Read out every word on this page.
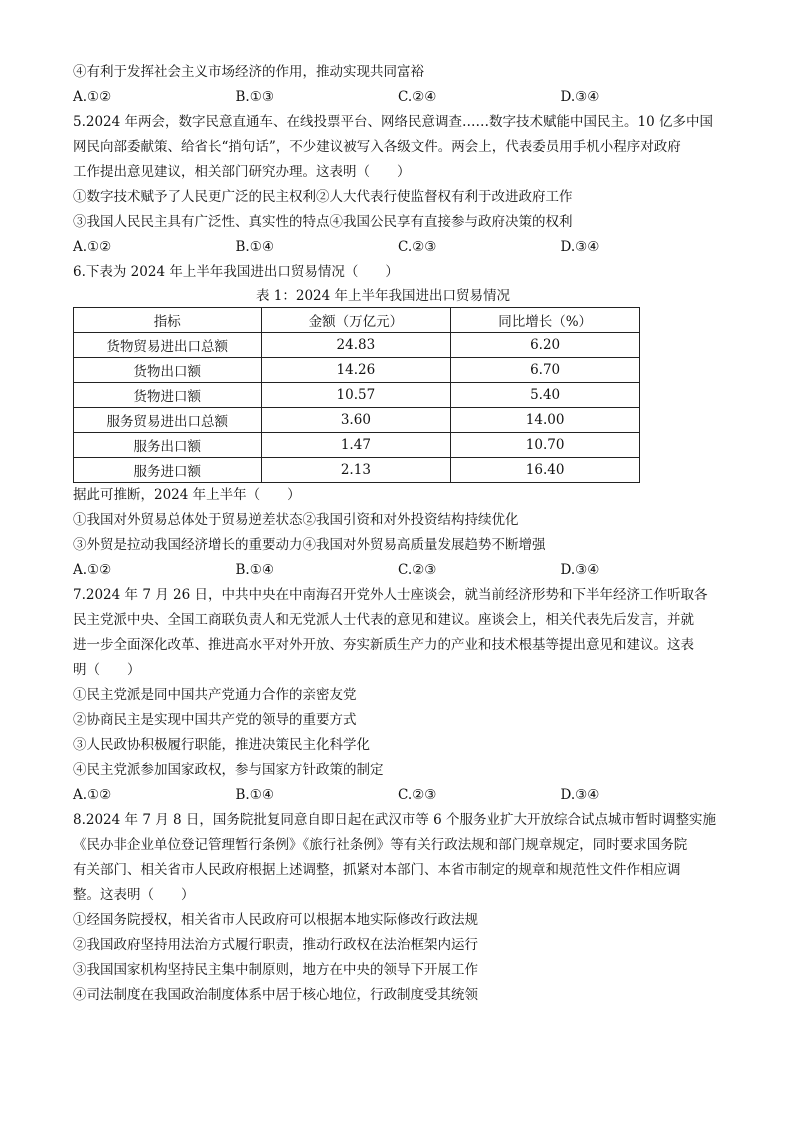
④有利于发挥社会主义市场经济的作用，推动实现共同富裕
A.①②	B.①③	C.②④	D.③④
5.2024 年两会，数字民意直通车、在线投票平台、网络民意调查……数字技术赋能中国民主。10 亿多中国
网民向部委献策、给省长“捎句话”，不少建议被写入各级文件。两会上，代表委员用手机小程序对政府
工作提出意见建议，相关部门研究办理。这表明（　　）
①数字技术赋予了人民更广泛的民主权利②人大代表行使监督权有利于改进政府工作
③我国人民民主具有广泛性、真实性的特点④我国公民享有直接参与政府决策的权利
A.①②	B.①④	C.②③	D.③④
6.下表为 2024 年上半年我国进出口贸易情况（　　）
表 1：2024 年上半年我国进出口贸易情况
指标	金额（万亿元）	同比增长（%）
货物贸易进出口总额	24.83	6.20
货物出口额	14.26	6.70
货物进口额	10.57	5.40
服务贸易进出口总额	3.60	14.00
服务出口额	1.47	10.70
服务进口额	2.13	16.40
据此可推断，2024 年上半年（　　）
①我国对外贸易总体处于贸易逆差状态②我国引资和对外投资结构持续优化
③外贸是拉动我国经济增长的重要动力④我国对外贸易高质量发展趋势不断增强
A.①②	B.①④	C.②③	D.③④
7.2024 年 7 月 26 日，中共中央在中南海召开党外人士座谈会，就当前经济形势和下半年经济工作听取各
民主党派中央、全国工商联负责人和无党派人士代表的意见和建议。座谈会上，相关代表先后发言，并就
进一步全面深化改革、推进高水平对外开放、夯实新质生产力的产业和技术根基等提出意见和建议。这表
明（　　）
①民主党派是同中国共产党通力合作的亲密友党
②协商民主是实现中国共产党的领导的重要方式
③人民政协积极履行职能，推进决策民主化科学化
④民主党派参加国家政权，参与国家方针政策的制定
A.①②	B.①④	C.②③	D.③④
8.2024 年 7 月 8 日，国务院批复同意自即日起在武汉市等 6 个服务业扩大开放综合试点城市暂时调整实施
《民办非企业单位登记管理暂行条例》《旅行社条例》等有关行政法规和部门规章规定，同时要求国务院
有关部门、相关省市人民政府根据上述调整，抓紧对本部门、本省市制定的规章和规范性文件作相应调
整。这表明（　　）
①经国务院授权，相关省市人民政府可以根据本地实际修改行政法规
②我国政府坚持用法治方式履行职责，推动行政权在法治框架内运行
③我国国家机构坚持民主集中制原则，地方在中央的领导下开展工作
④司法制度在我国政治制度体系中居于核心地位，行政制度受其统领
